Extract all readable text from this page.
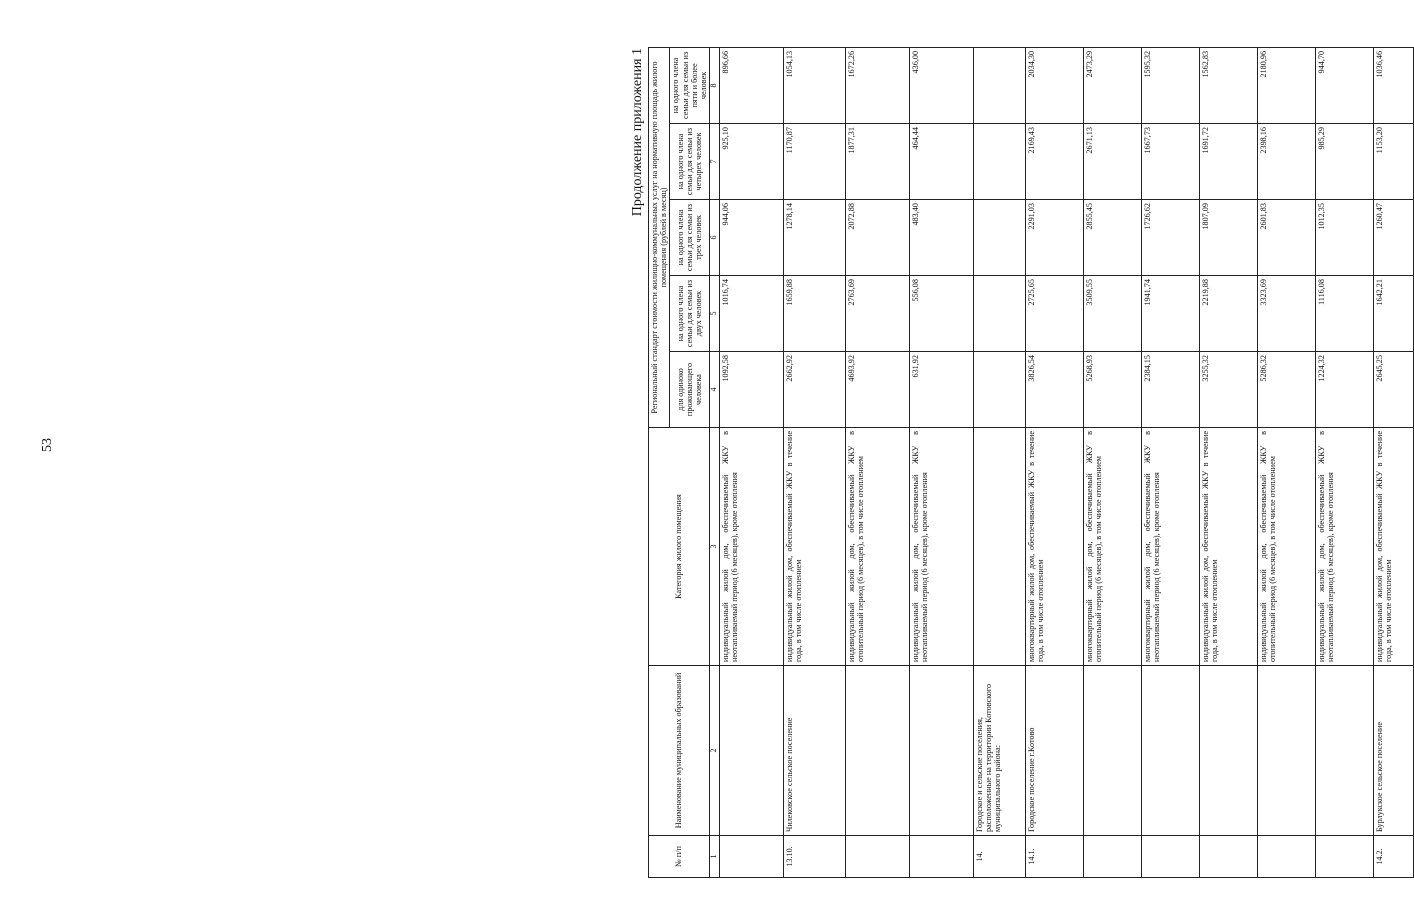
53
Продолжение приложения 1
№ п/п	Наименование муниципальных образований	Категория жилого помещения	Региональный стандарт стоимости жилищно-коммунальных услуг на нормативную площадь жилого помещения (рублей в месяц)				
			для одиноко проживающего человека	на одного члена семьи для семьи из двух человек	на одного члена семьи для семьи из трех человек	на одного члена семьи для семьи из четырех человек	на одного члена семьи для семьи из пяти и более человек
1	2	3	4	5	6	7	8
		индивидуальный жилой дом, обеспечиваемый ЖКУ в неотапливаемый период (6 месяцев), кроме отопления	1092,58	1016,74	944,06	925,10	896,66
13.10.	Чилековское сельское поселение	индивидуальный жилой дом, обеспечиваемый ЖКУ в течение года, в том числе отоплением	2662,92	1659,88	1278,14	1170,87	1054,13
		индивидуальный жилой дом, обеспечиваемый ЖКУ в отопительный период (6 месяцев), в том числе отоплением	4693,92	2763,69	2072,88	1877,31	1672,26
		индивидуальный жилой дом, обеспечиваемый ЖКУ в неотапливаемый период (6 месяцев), кроме отопления	631,92	556,08	483,40	464,44	436,00
14.	Городское и сельские поселения, расположенные на территории Котовского муниципального района:						
14.1.	Городское поселение г.Котово	многоквартирный жилой дом, обеспечиваемый ЖКУ в течение года, в том числе отоплением	3826,54	2725,65	2291,03	2169,43	2034,30
		многоквартирный жилой дом, обеспечиваемый ЖКУ в отопительный период (6 месяцев), в том числе отоплением	5268,93	3509,55	2855,45	2671,13	2473,29
		многоквартирный жилой дом, обеспечиваемый ЖКУ в неотапливаемый период (6 месяцев), кроме отопления	2384,15	1941,74	1726,62	1667,73	1595,32
		индивидуальный жилой дом, обеспечиваемый ЖКУ в течение года, в том числе отоплением	3255,32	2219,88	1807,09	1691,72	1562,83
		индивидуальный жилой дом, обеспечиваемый ЖКУ в отопительный период (6 месяцев), в том числе отоплением	5286,32	3323,69	2601,83	2398,16	2180,96
		индивидуальный жилой дом, обеспечиваемый ЖКУ в неотапливаемый период (6 месяцев), кроме отопления	1224,32	1116,08	1012,35	985,29	944,70
14.2.	Бурлукское сельское поселение	индивидуальный жилой дом, обеспечиваемый ЖКУ в течение года, в том числе отоплением	2645,25	1642,21	1260,47	1153,20	1036,46
